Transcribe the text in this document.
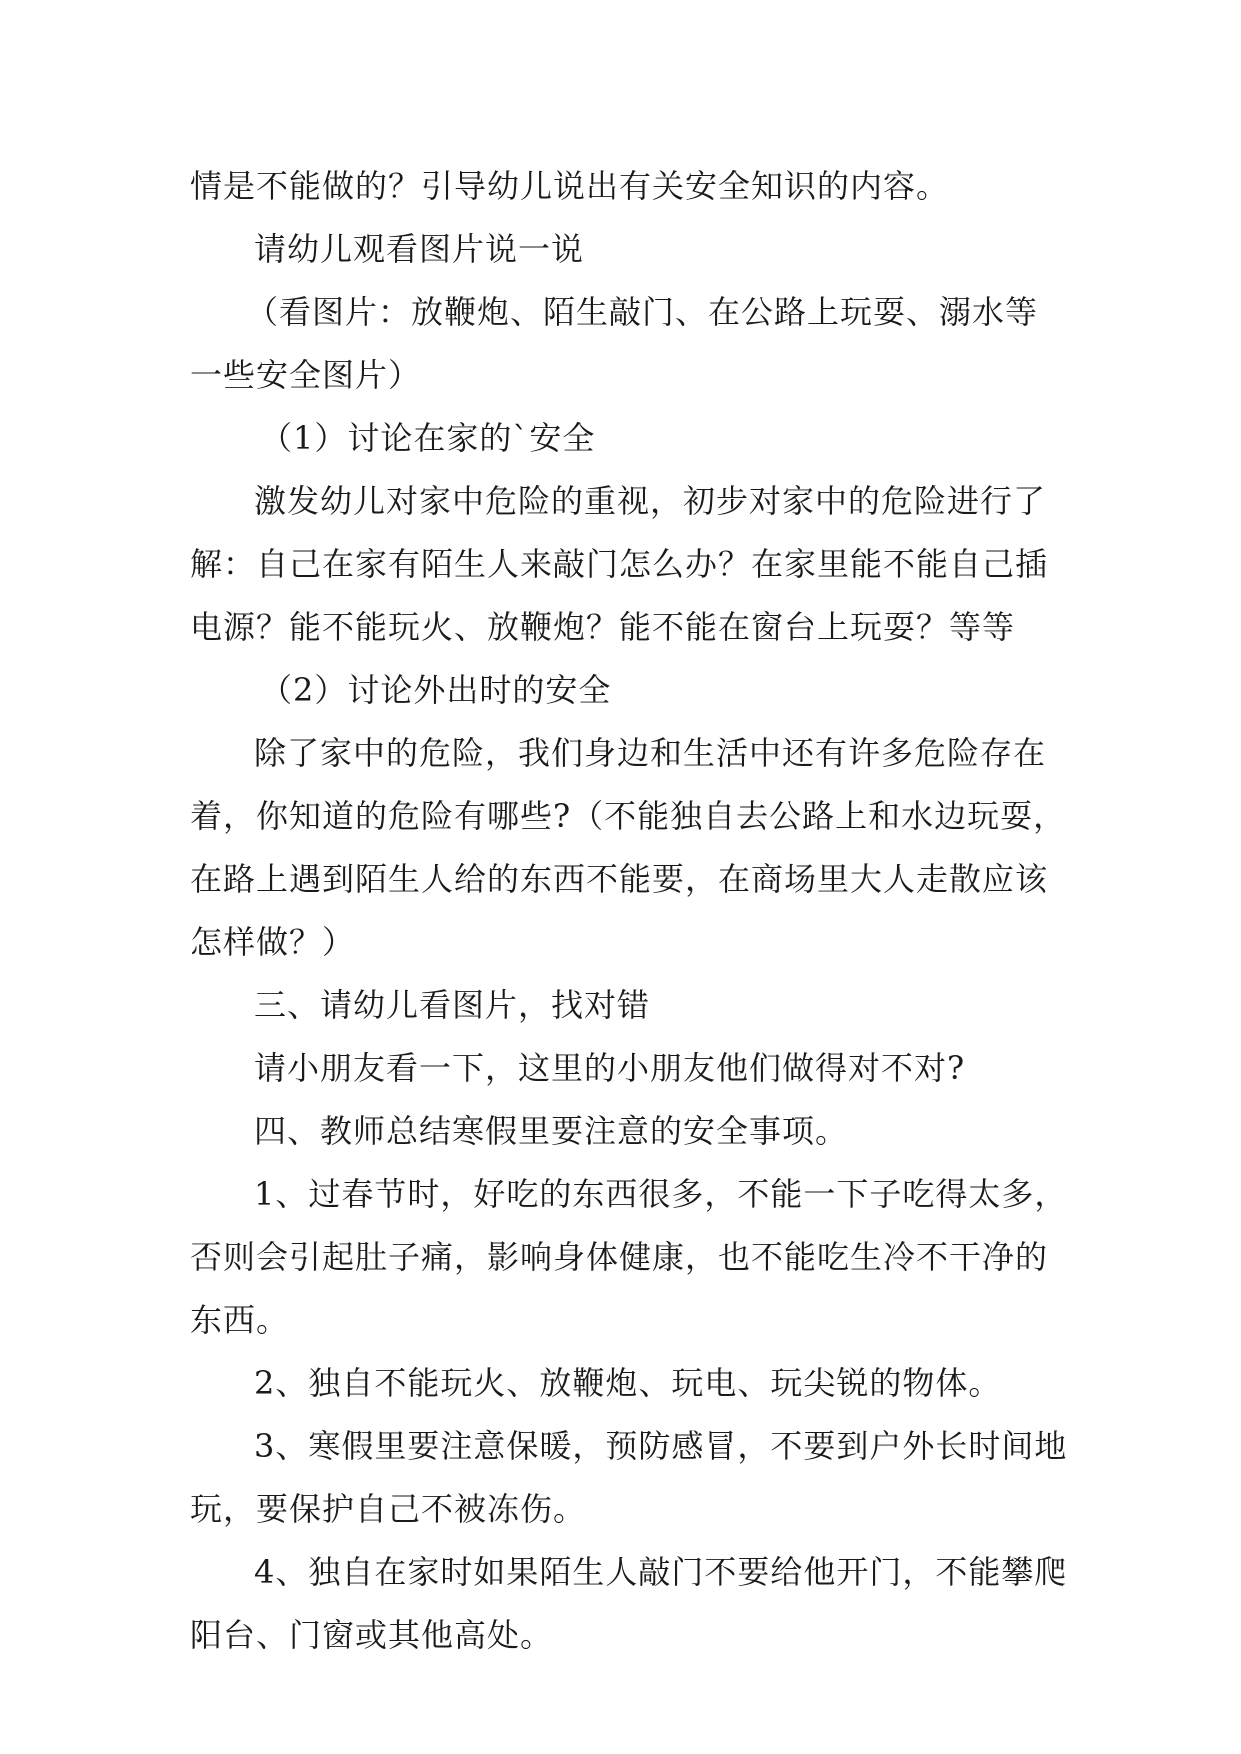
情是不能做的？引导幼儿说出有关安全知识的内容。

请幼儿观看图片说一说

（看图片：放鞭炮、陌生敲门、在公路上玩耍、溺水等一些安全图片）

（1）讨论在家的`安全

激发幼儿对家中危险的重视，初步对家中的危险进行了解：自己在家有陌生人来敲门怎么办？在家里能不能自己插电源？能不能玩火、放鞭炮？能不能在窗台上玩耍？等等

（2）讨论外出时的安全

除了家中的危险，我们身边和生活中还有许多危险存在着，你知道的危险有哪些?（不能独自去公路上和水边玩耍，在路上遇到陌生人给的东西不能要，在商场里大人走散应该怎样做？）

三、请幼儿看图片，找对错

请小朋友看一下，这里的小朋友他们做得对不对?

四、教师总结寒假里要注意的安全事项。

1、过春节时，好吃的东西很多，不能一下子吃得太多，否则会引起肚子痛，影响身体健康，也不能吃生冷不干净的东西。

2、独自不能玩火、放鞭炮、玩电、玩尖锐的物体。

3、寒假里要注意保暖，预防感冒，不要到户外长时间地玩，要保护自己不被冻伤。

4、独自在家时如果陌生人敲门不要给他开门，不能攀爬阳台、门窗或其他高处。
